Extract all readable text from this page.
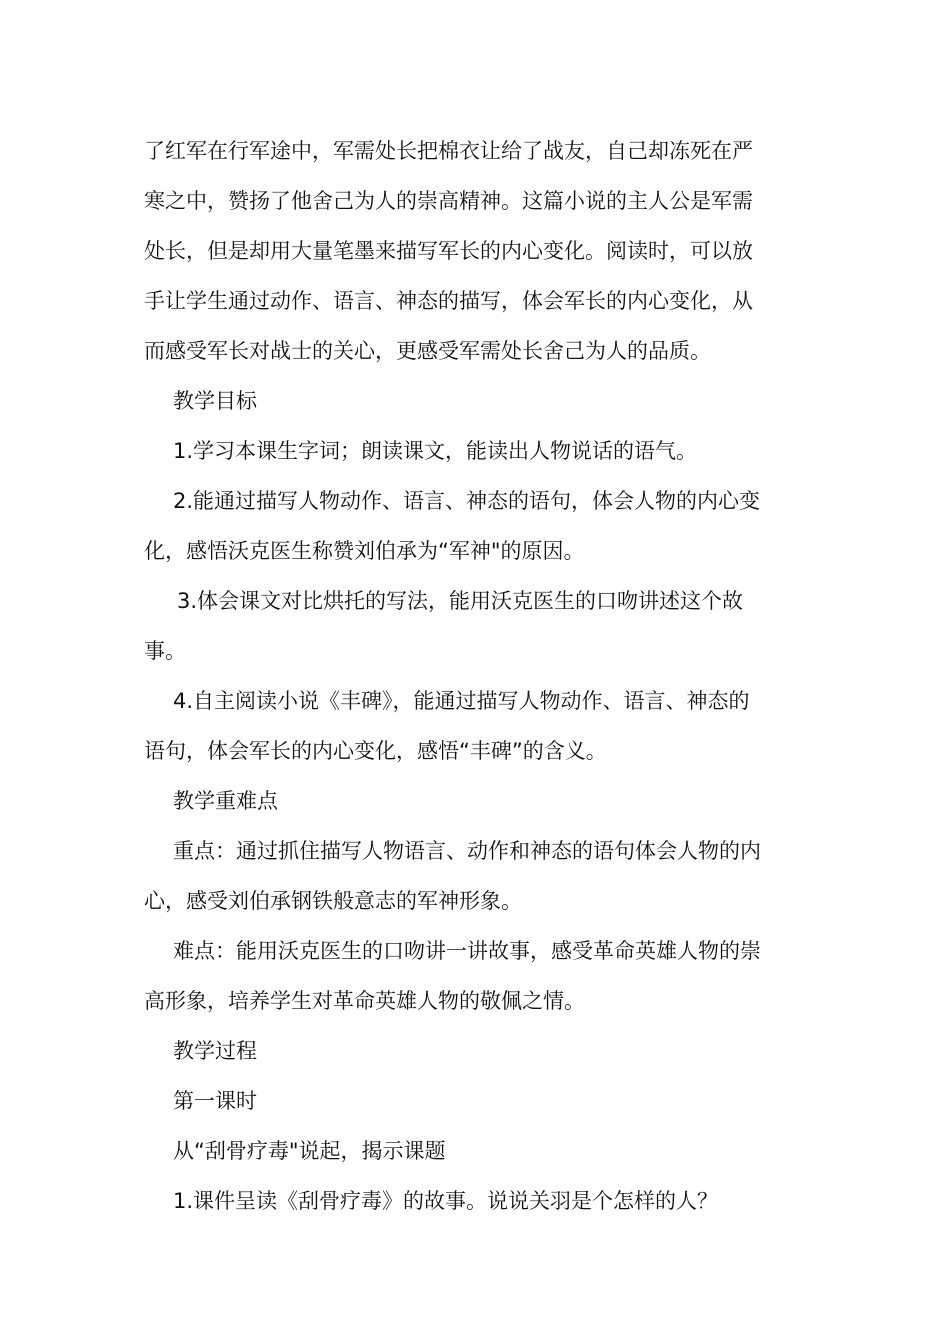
了红军在行军途中，军需处长把棉衣让给了战友，自己却冻死在严
寒之中，赞扬了他舍己为人的崇高精神。这篇小说的主人公是军需
处长，但是却用大量笔墨来描写军长的内心变化。阅读时，可以放
手让学生通过动作、语言、神态的描写，体会军长的内心变化，从
而感受军长对战士的关心，更感受军需处长舍己为人的品质。
教学目标
1.学习本课生字词；朗读课文，能读出人物说话的语气。
2.能通过描写人物动作、语言、神态的语句，体会人物的内心变
化，感悟沃克医生称赞刘伯承为“军神"的原因。
3.体会课文对比烘托的写法，能用沃克医生的口吻讲述这个故
事。
4.自主阅读小说《丰碑》，能通过描写人物动作、语言、神态的
语句，体会军长的内心变化，感悟“丰碑”的含义。
教学重难点
重点：通过抓住描写人物语言、动作和神态的语句体会人物的内
心，感受刘伯承钢铁般意志的军神形象。
难点：能用沃克医生的口吻讲一讲故事，感受革命英雄人物的崇
高形象，培养学生对革命英雄人物的敬佩之情。
教学过程
第一课时
从“刮骨疗毒"说起，揭示课题
1.课件呈读《刮骨疗毒》的故事。说说关羽是个怎样的人？
